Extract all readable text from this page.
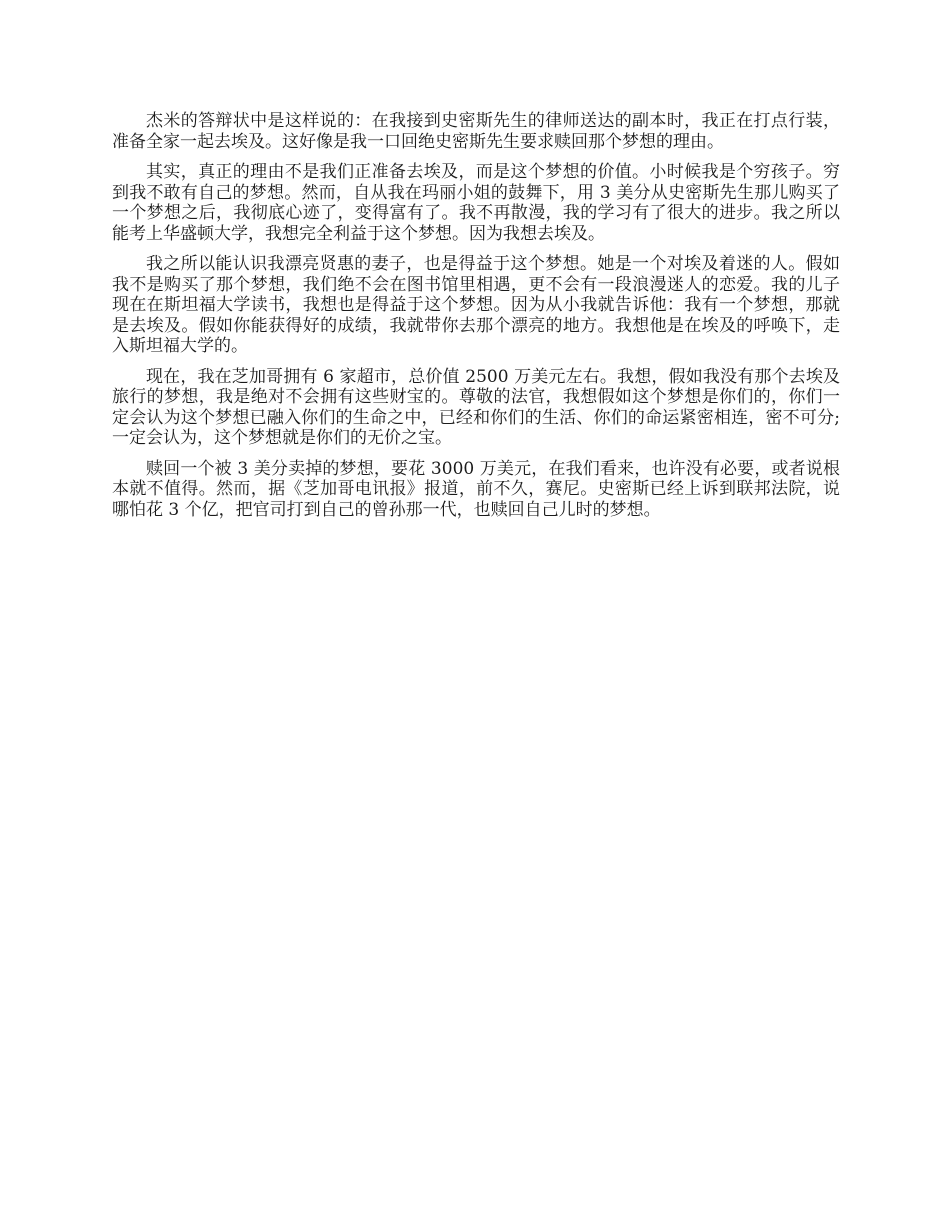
杰米的答辩状中是这样说的：在我接到史密斯先生的律师送达的副本时，我正在打点行装，准备全家一起去埃及。这好像是我一口回绝史密斯先生要求赎回那个梦想的理由。

其实，真正的理由不是我们正准备去埃及，而是这个梦想的价值。小时候我是个穷孩子。穷到我不敢有自己的梦想。然而，自从我在玛丽小姐的鼓舞下，用 3 美分从史密斯先生那儿购买了一个梦想之后，我彻底心迹了，变得富有了。我不再散漫，我的学习有了很大的进步。我之所以能考上华盛顿大学，我想完全利益于这个梦想。因为我想去埃及。

我之所以能认识我漂亮贤惠的妻子，也是得益于这个梦想。她是一个对埃及着迷的人。假如我不是购买了那个梦想，我们绝不会在图书馆里相遇，更不会有一段浪漫迷人的恋爱。我的儿子现在在斯坦福大学读书，我想也是得益于这个梦想。因为从小我就告诉他：我有一个梦想，那就是去埃及。假如你能获得好的成绩，我就带你去那个漂亮的地方。我想他是在埃及的呼唤下，走入斯坦福大学的。

现在，我在芝加哥拥有 6 家超市，总价值 2500 万美元左右。我想，假如我没有那个去埃及旅行的梦想，我是绝对不会拥有这些财宝的。尊敬的法官，我想假如这个梦想是你们的，你们一定会认为这个梦想已融入你们的生命之中，已经和你们的生活、你们的命运紧密相连，密不可分;一定会认为，这个梦想就是你们的无价之宝。

赎回一个被 3 美分卖掉的梦想，要花 3000 万美元，在我们看来，也许没有必要，或者说根本就不值得。然而，据《芝加哥电讯报》报道，前不久，赛尼。史密斯已经上诉到联邦法院，说哪怕花 3 个亿，把官司打到自己的曾孙那一代，也赎回自己儿时的梦想。
